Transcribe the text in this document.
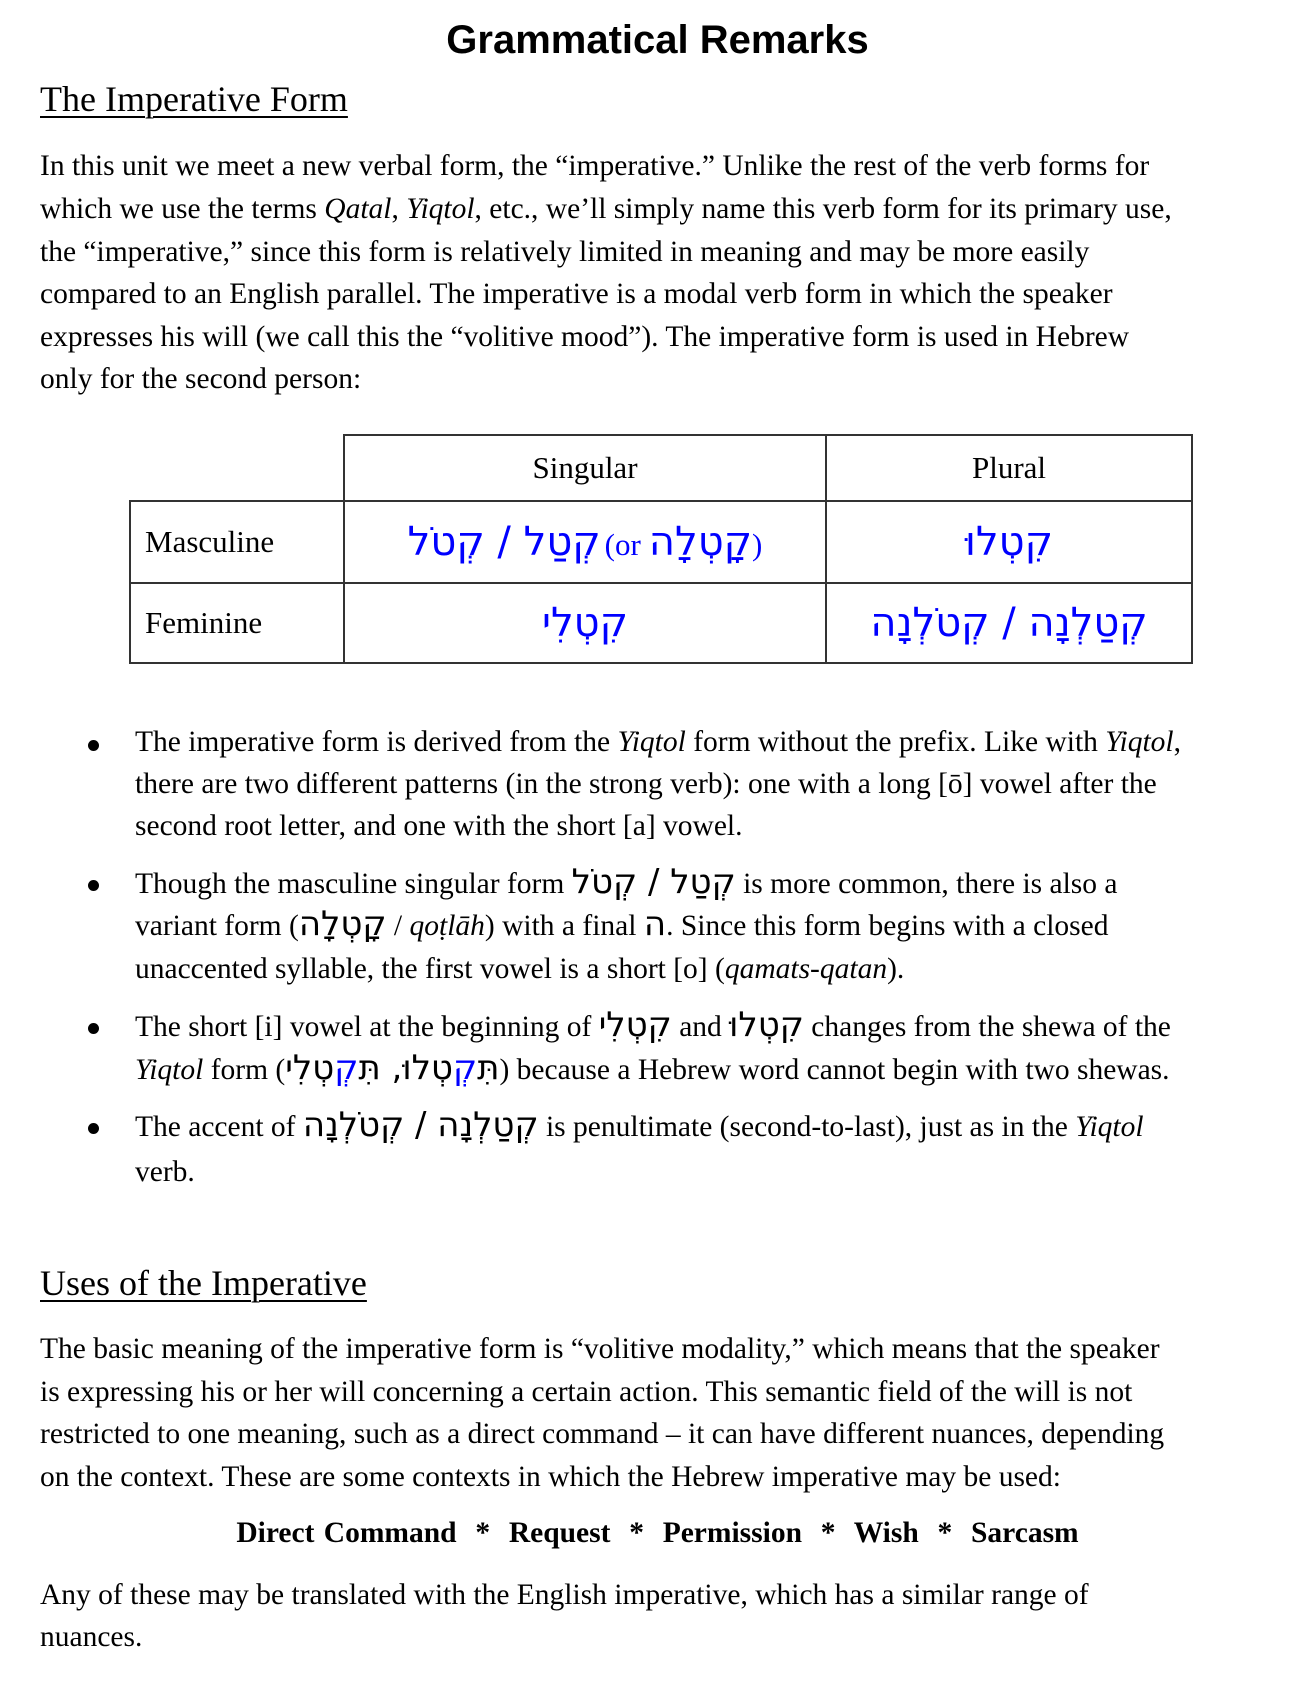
Grammatical Remarks
The Imperative Form
In this unit we meet a new verbal form, the “imperative.” Unlike the rest of the verb forms for
which we use the terms Qatal, Yiqtol, etc., we’ll simply name this verb form for its primary use,
the “imperative,” since this form is relatively limited in meaning and may be more easily
compared to an English parallel. The imperative is a modal verb form in which the speaker
expresses his will (we call this the “volitive mood”). The imperative form is used in Hebrew
only for the second person:
	Singular	Plural
Masculine	קְטַל / קְטֹל (or קָטְלָה)	קִטְלוּ
Feminine	קִטְלִי	קְטַלְנָה / קְטֹלְנָה
The imperative form is derived from the Yiqtol form without the prefix. Like with Yiqtol,
there are two different patterns (in the strong verb): one with a long [ō] vowel after the
second root letter, and one with the short [a] vowel.
Though the masculine singular form קְטַל / קְטֹל is more common, there is also a
variant form (קָטְלָה / qoṭlāh) with a final ה. Since this form begins with a closed
unaccented syllable, the first vowel is a short [o] (qamats-qatan).
The short [i] vowel at the beginning of קִטְלִי and קִטְלוּ changes from the shewa of the
Yiqtol form (	תִּקְטְלוּ, תִּקְטְלִי	) because a Hebrew word cannot begin with two shewas.
The accent of קְטַלְנָה / קְטֹלְנָה is penultimate (second-to-last), just as in the Yiqtol
verb.
Uses of the Imperative
The basic meaning of the imperative form is “volitive modality,” which means that the speaker
is expressing his or her will concerning a certain action. This semantic field of the will is not
restricted to one meaning, such as a direct command – it can have different nuances, depending
on the context. These are some contexts in which the Hebrew imperative may be used:
Direct Command * Request * Permission * Wish * Sarcasm
Any of these may be translated with the English imperative, which has a similar range of
nuances.
